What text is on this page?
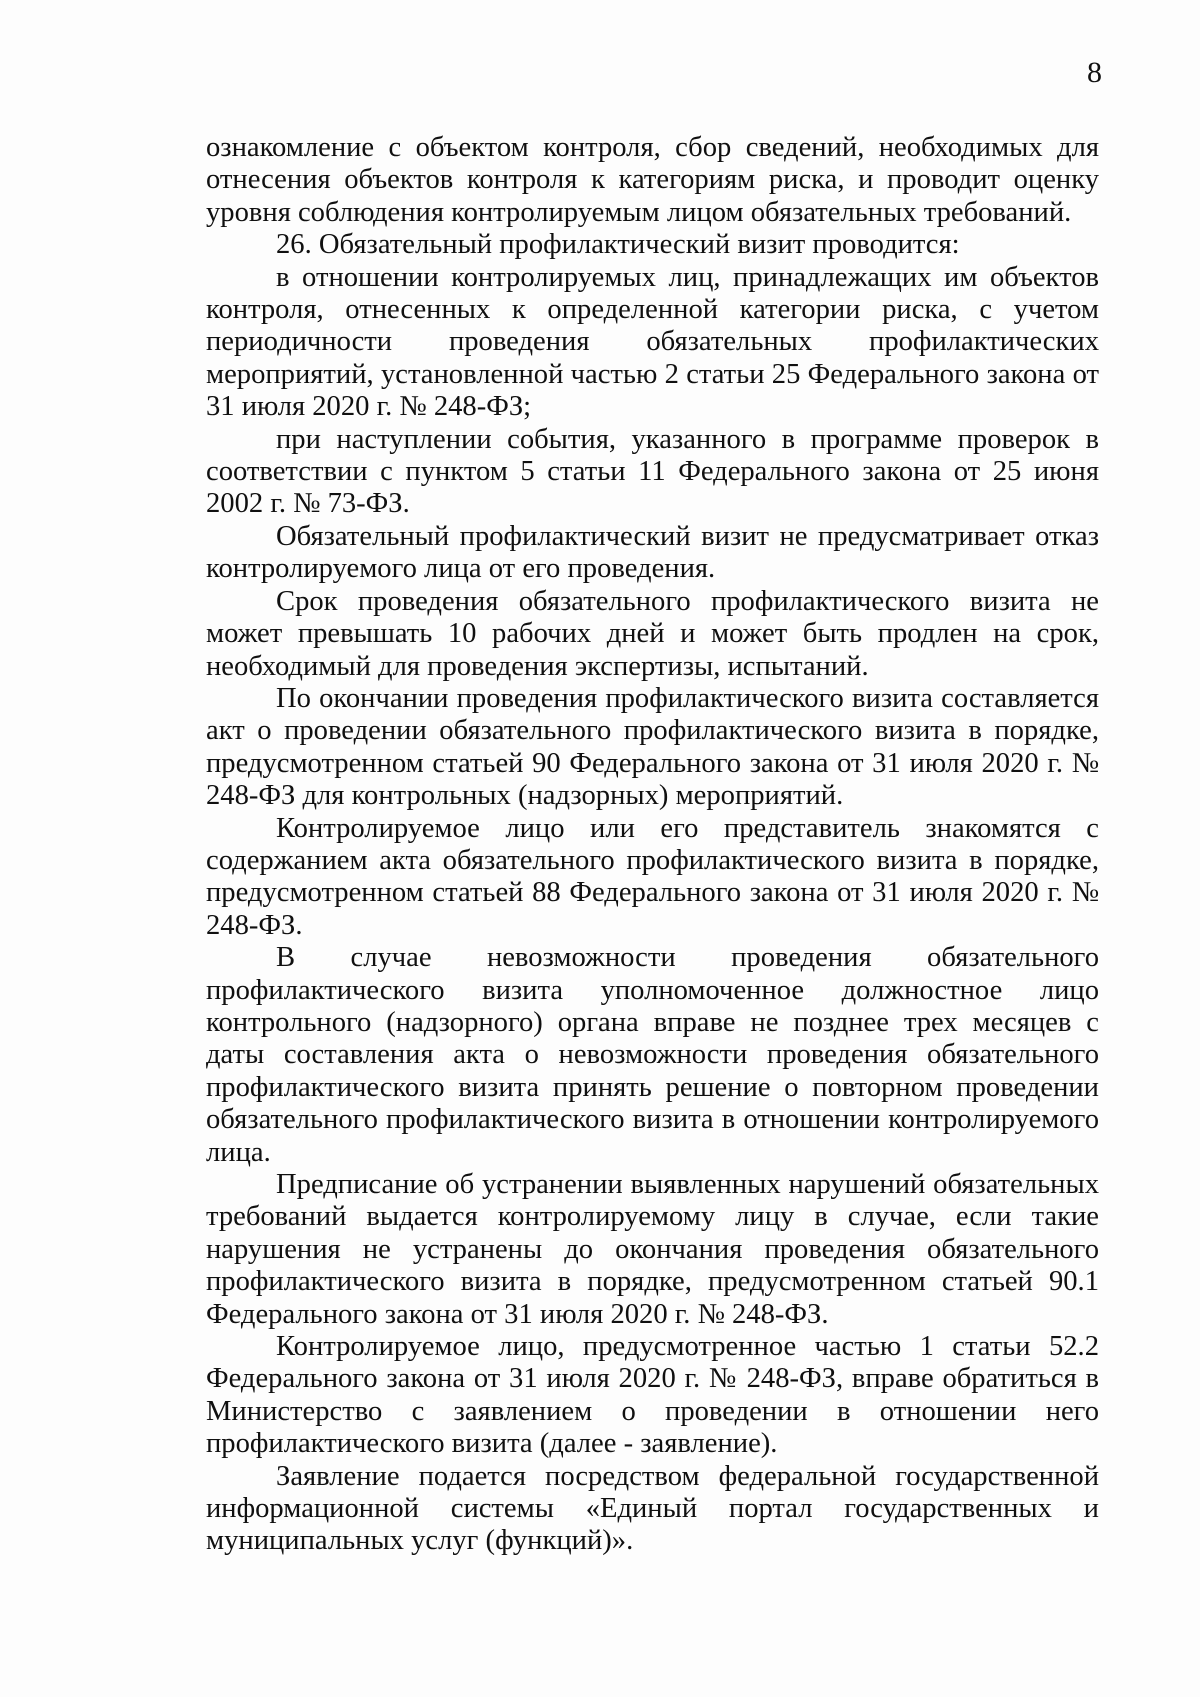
8

ознакомление с объектом контроля, сбор сведений, необходимых для отнесения объектов контроля к категориям риска, и проводит оценку уровня соблюдения контролируемым лицом обязательных требований.

26. Обязательный профилактический визит проводится:

в отношении контролируемых лиц, принадлежащих им объектов контроля, отнесенных к определенной категории риска, с учетом периодичности проведения обязательных профилактических мероприятий, установленной частью 2 статьи 25 Федерального закона от 31 июля 2020 г. № 248-ФЗ;

при наступлении события, указанного в программе проверок в соответствии с пунктом 5 статьи 11 Федерального закона от 25 июня 2002 г. № 73-ФЗ.

Обязательный профилактический визит не предусматривает отказ контролируемого лица от его проведения.

Срок проведения обязательного профилактического визита не может превышать 10 рабочих дней и может быть продлен на срок, необходимый для проведения экспертизы, испытаний.

По окончании проведения профилактического визита составляется акт о проведении обязательного профилактического визита в порядке, предусмотренном статьей 90 Федерального закона от 31 июля 2020 г. № 248-ФЗ для контрольных (надзорных) мероприятий.

Контролируемое лицо или его представитель знакомятся с содержанием акта обязательного профилактического визита в порядке, предусмотренном статьей 88 Федерального закона от 31 июля 2020 г. № 248-ФЗ.

В случае невозможности проведения обязательного профилактического визита уполномоченное должностное лицо контрольного (надзорного) органа вправе не позднее трех месяцев с даты составления акта о невозможности проведения обязательного профилактического визита принять решение о повторном проведении обязательного профилактического визита в отношении контролируемого лица.

Предписание об устранении выявленных нарушений обязательных требований выдается контролируемому лицу в случае, если такие нарушения не устранены до окончания проведения обязательного профилактического визита в порядке, предусмотренном статьей 90.1 Федерального закона от 31 июля 2020 г. № 248-ФЗ.

Контролируемое лицо, предусмотренное частью 1 статьи 52.2 Федерального закона от 31 июля 2020 г. № 248-ФЗ, вправе обратиться в Министерство с заявлением о проведении в отношении него профилактического визита (далее - заявление).

Заявление подается посредством федеральной государственной информационной системы «Единый портал государственных и муниципальных услуг (функций)».
